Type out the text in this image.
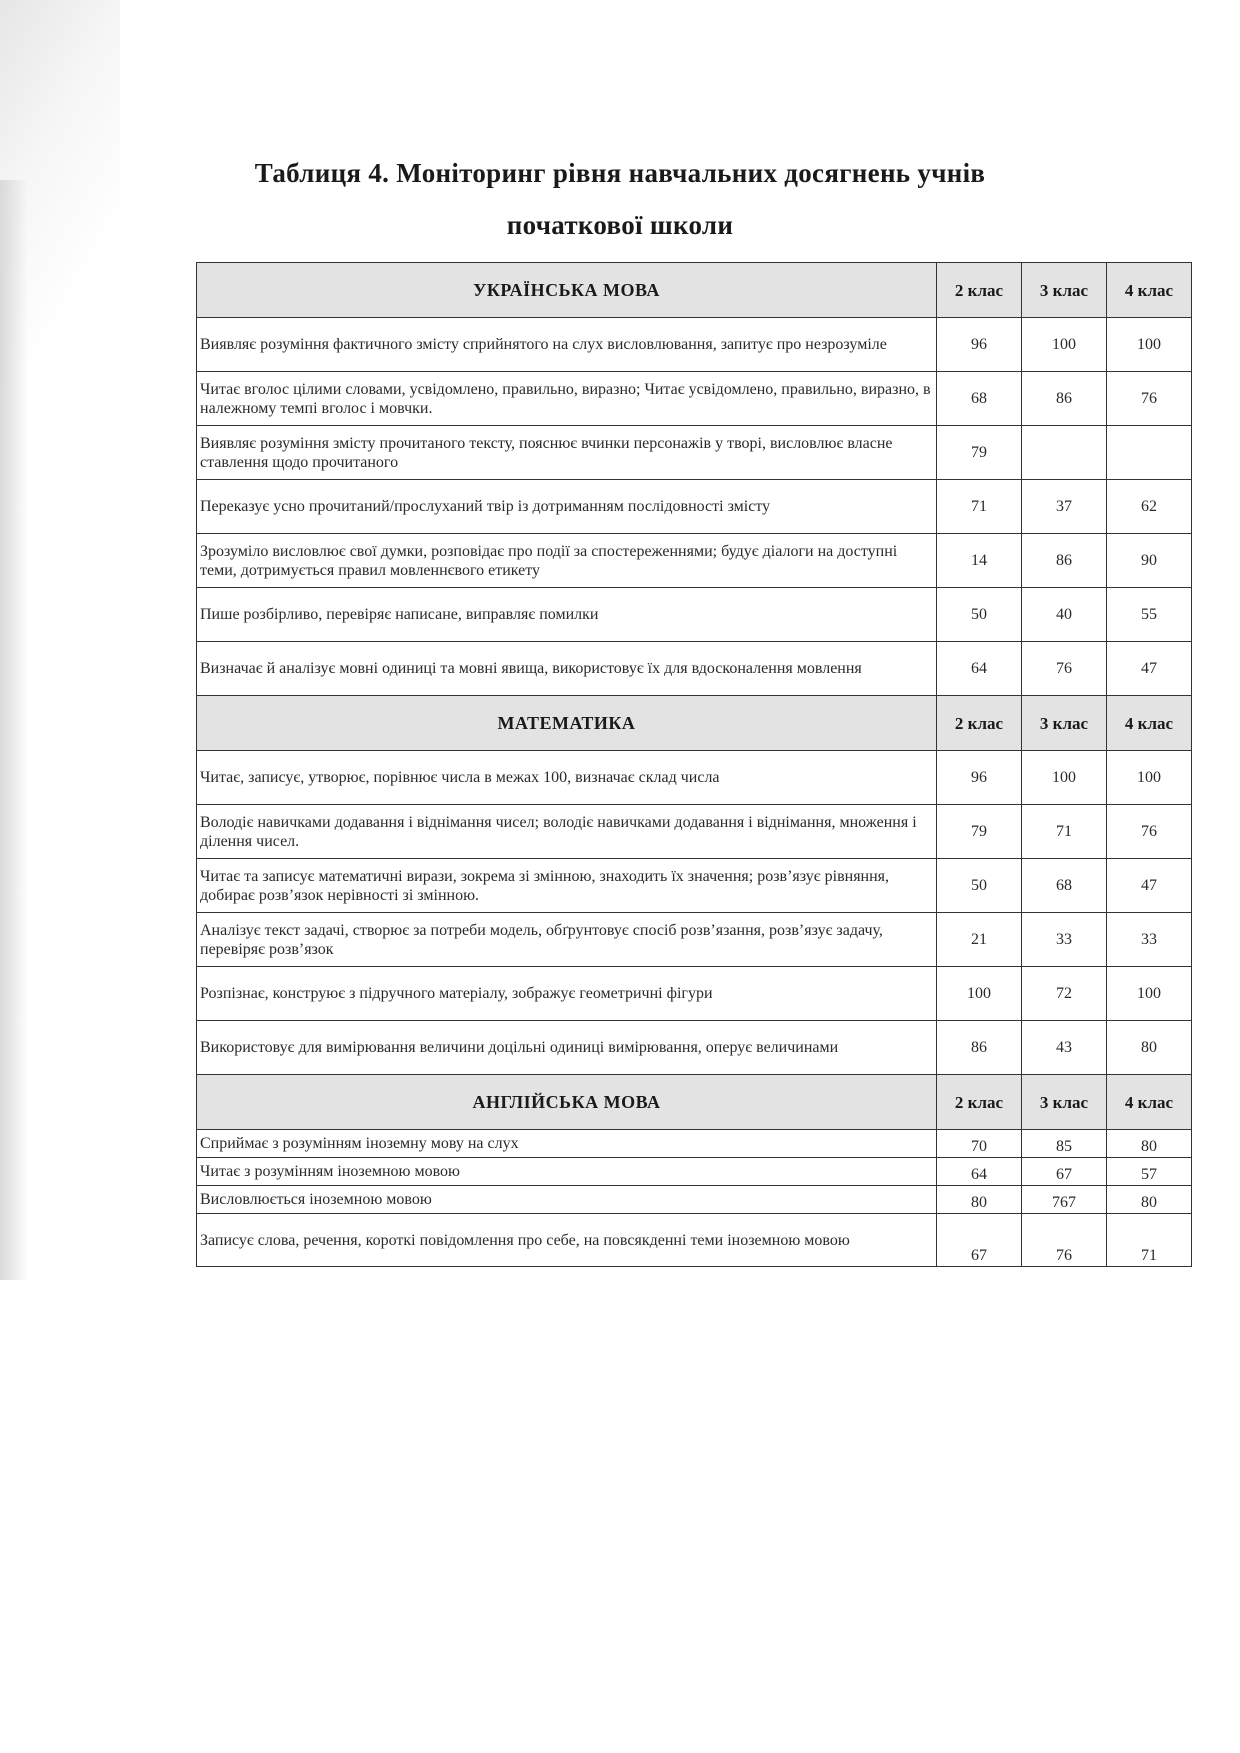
Таблиця 4. Моніторинг рівня навчальних досягнень учнів
початкової школи
УКРАЇНСЬКА МОВА	2 клас	3 клас	4 клас
Виявляє розуміння фактичного змісту сприйнятого на слух висловлювання, запитує про незрозуміле	96	100	100
Читає вголос цілими словами, усвідомлено, правильно, виразно; Читає усвідомлено, правильно, виразно, в належному темпі вголос і мовчки.	68	86	76
Виявляє розуміння змісту прочитаного тексту, пояснює вчинки персонажів у творі, висловлює власне ставлення щодо прочитаного	79		
Переказує усно прочитаний/прослуханий твір із дотриманням послідовності змісту	71	37	62
Зрозуміло висловлює свої думки, розповідає про події за спостереженнями; будує діалоги на доступні теми, дотримується правил мовленнєвого етикету	14	86	90
Пише розбірливо, перевіряє написане, виправляє помилки	50	40	55
Визначає й аналізує мовні одиниці та мовні явища, використовує їх для вдосконалення мовлення	64	76	47
МАТЕМАТИКА	2 клас	3 клас	4 клас
Читає, записує, утворює, порівнює числа в межах 100, визначає склад числа	96	100	100
Володіє навичками додавання і віднімання чисел; володіє навичками додавання і віднімання, множення і ділення чисел.	79	71	76
Читає та записує математичні вирази, зокрема зі змінною, знаходить їх значення; розв’язує рівняння, добирає розв’язок нерівності зі змінною.	50	68	47
Аналізує текст задачі, створює за потреби модель, обґрунтовує спосіб розв’язання, розв’язує задачу, перевіряє розв’язок	21	33	33
Розпізнає, конструює з підручного матеріалу, зображує геометричні фігури	100	72	100
Використовує для вимірювання величини доцільні одиниці вимірювання, оперує величинами	86	43	80
АНГЛІЙСЬКА МОВА	2 клас	3 клас	4 клас
Сприймає з розумінням іноземну мову на слух	70	85	80
Читає з розумінням іноземною мовою	64	67	57
Висловлюється іноземною мовою	80	767	80
Записує слова, речення, короткі повідомлення про себе, на повсякденні теми іноземною мовою	67	76	71
